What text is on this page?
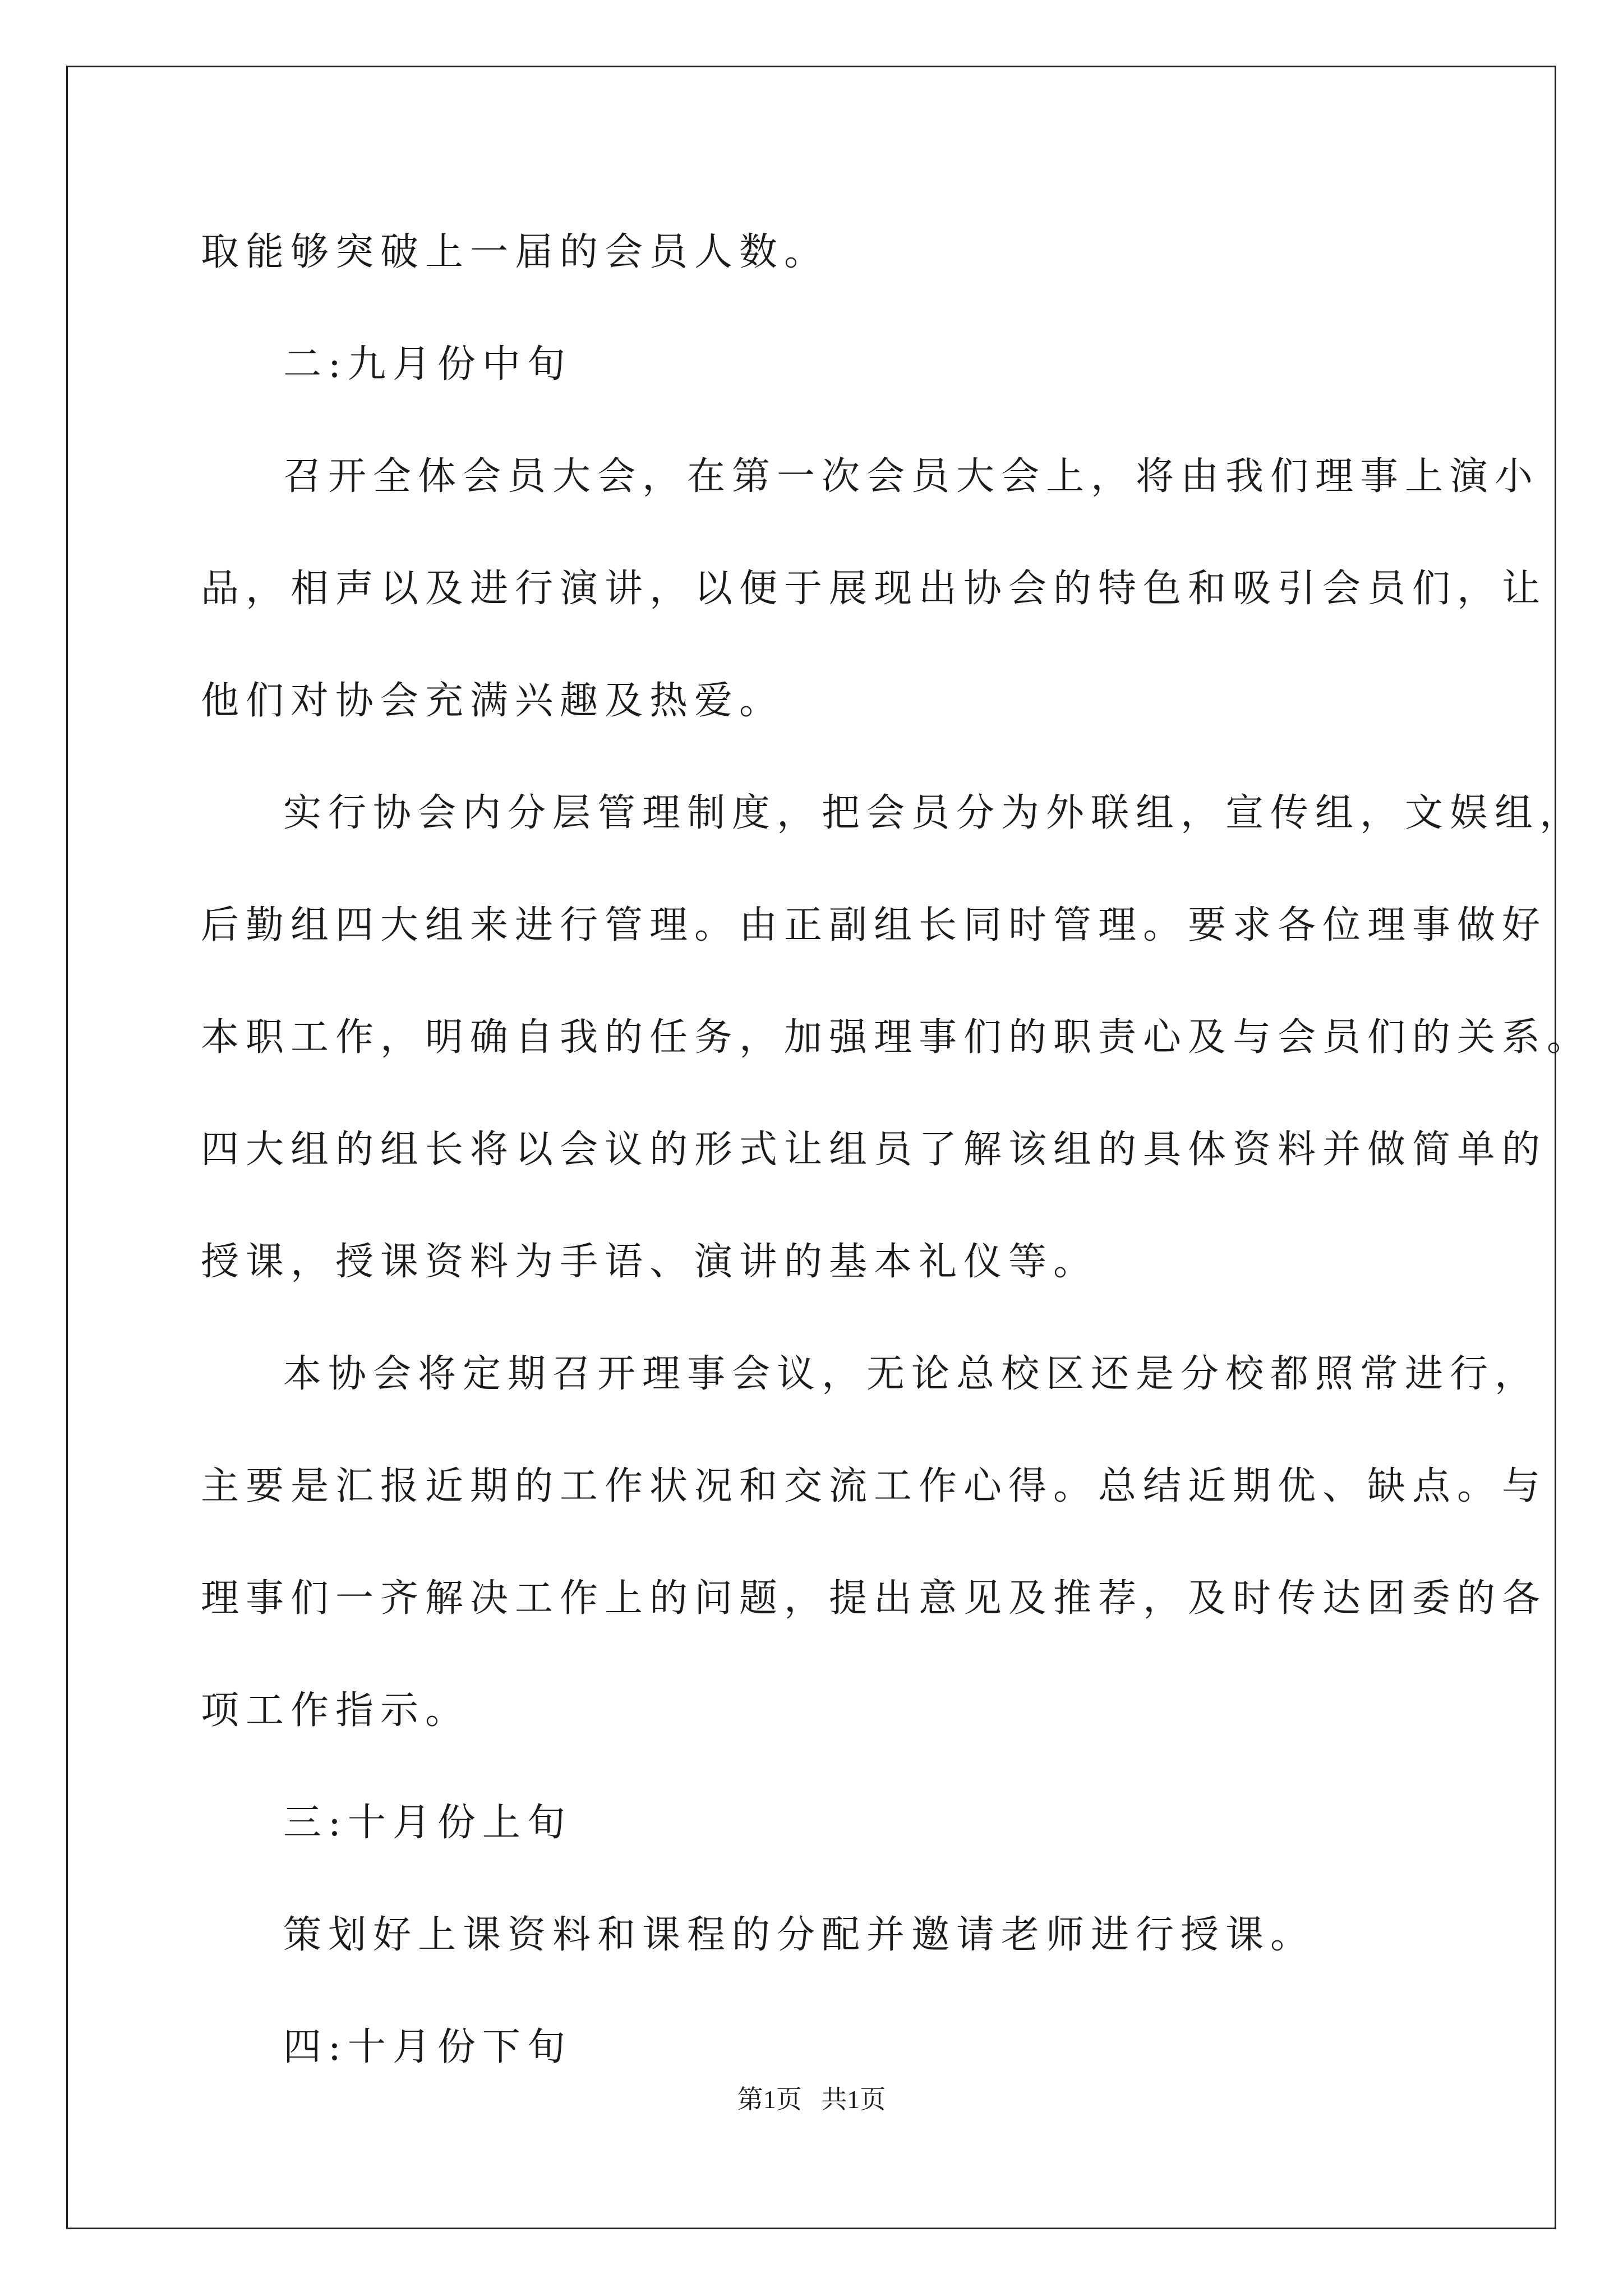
取能够突破上一届的会员人数。
二:九月份中旬
召开全体会员大会，在第一次会员大会上，将由我们理事上演小
品，相声以及进行演讲，以便于展现出协会的特色和吸引会员们，让
他们对协会充满兴趣及热爱。
实行协会内分层管理制度，把会员分为外联组，宣传组，文娱组，
后勤组四大组来进行管理。由正副组长同时管理。要求各位理事做好
本职工作，明确自我的任务，加强理事们的职责心及与会员们的关系。
四大组的组长将以会议的形式让组员了解该组的具体资料并做简单的
授课，授课资料为手语、演讲的基本礼仪等。
本协会将定期召开理事会议，无论总校区还是分校都照常进行，
主要是汇报近期的工作状况和交流工作心得。总结近期优、缺点。与
理事们一齐解决工作上的问题，提出意见及推荐，及时传达团委的各
项工作指示。
三:十月份上旬
策划好上课资料和课程的分配并邀请老师进行授课。
四:十月份下旬
第1页   共1页
